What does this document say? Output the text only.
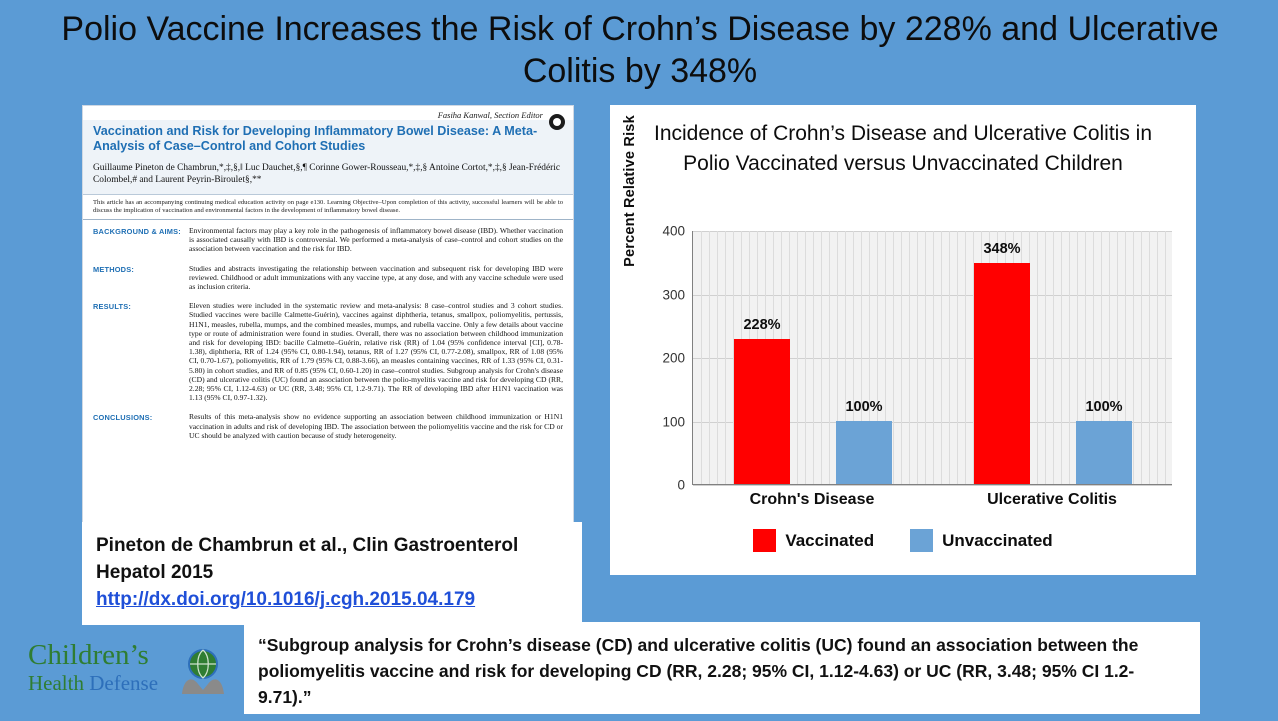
Polio Vaccine Increases the Risk of Crohn’s Disease by 228% and Ulcerative Colitis by 348%
Fasiha Kanwal, Section Editor
Vaccination and Risk for Developing Inflammatory Bowel Disease: A Meta-Analysis of Case–Control and Cohort Studies
Guillaume Pineton de Chambrun,*,‡,§,‖ Luc Dauchet,§,¶ Corinne Gower-Rousseau,*,‡,§ Antoine Cortot,*,‡,§ Jean-Frédéric Colombel,# and Laurent Peyrin-Biroulet§,**
This article has an accompanying continuing medical education activity on page e130. Learning Objective–Upon completion of this activity, successful learners will be able to discuss the implication of vaccination and environmental factors in the development of inflammatory bowel disease.
BACKGROUND & AIMS:	Environmental factors may play a key role in the pathogenesis of inflammatory bowel disease (IBD). Whether vaccination is associated causally with IBD is controversial. We performed a meta-analysis of case–control and cohort studies on the association between vaccination and the risk for IBD.
METHODS:	Studies and abstracts investigating the relationship between vaccination and subsequent risk for developing IBD were reviewed. Childhood or adult immunizations with any vaccine type, at any dose, and with any vaccine schedule were used as inclusion criteria.
RESULTS:	Eleven studies were included in the systematic review and meta-analysis: 8 case–control studies and 3 cohort studies. Studied vaccines were bacille Calmette-Guérin), vaccines against diphtheria, tetanus, smallpox, poliomyelitis, pertussis, H1N1, measles, rubella, mumps, and the combined measles, mumps, and rubella vaccine. Only a few details about vaccine type or route of administration were found in studies. Overall, there was no association between childhood immunization and risk for developing IBD: bacille Calmette–Guérin, relative risk (RR) of 1.04 (95% confidence interval [CI], 0.78-1.38), diphtheria, RR of 1.24 (95% CI, 0.80-1.94), tetanus, RR of 1.27 (95% CI, 0.77-2.08), smallpox, RR of 1.08 (95% CI, 0.70-1.67), poliomyelitis, RR of 1.79 (95% CI, 0.88-3.66), an measles containing vaccines, RR of 1.33 (95% CI, 0.31-5.80) in cohort studies, and RR of 0.85 (95% CI, 0.60-1.20) in case–control studies. Subgroup analysis for Crohn's disease (CD) and ulcerative colitis (UC) found an association between the polio-myelitis vaccine and risk for developing CD (RR, 2.28; 95% CI, 1.12-4.63) or UC (RR, 3.48; 95% CI, 1.2-9.71). The RR of developing IBD after H1N1 vaccination was 1.13 (95% CI, 0.97-1.32).
CONCLUSIONS:	Results of this meta-analysis show no evidence supporting an association between childhood immunization or H1N1 vaccination in adults and risk of developing IBD. The association between the poliomyelitis vaccine and the risk for CD or UC should be analyzed with caution because of study heterogeneity.
Pineton de Chambrun et al., Clin Gastroenterol Hepatol 2015
http://dx.doi.org/10.1016/j.cgh.2015.04.179
“Subgroup analysis for Crohn’s disease (CD) and ulcerative colitis (UC) found an association between the poliomyelitis vaccine and risk for developing CD (RR, 2.28; 95% CI, 1.12-4.63) or UC (RR, 3.48; 95% CI 1.2-9.71).”
Children’s
Health Defense
Incidence of Crohn’s Disease and Ulcerative Colitis in Polio Vaccinated versus Unvaccinated Children
Percent Relative Risk
0
100
200
300
400
228%
100%
348%
100%
Crohn's Disease	Ulcerative Colitis
Vaccinated	Unvaccinated
